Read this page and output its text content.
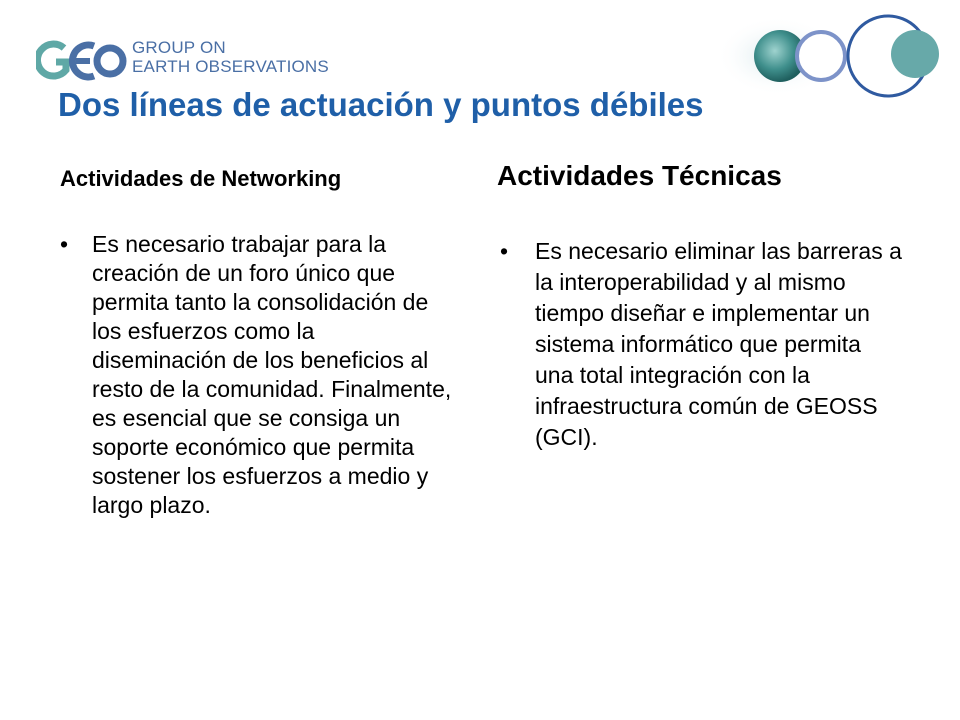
GROUP ON
EARTH OBSERVATIONS
Dos líneas de actuación y puntos débiles
Actividades de Networking	Actividades Técnicas
• Es necesario trabajar para la creación de un foro único que permita tanto la consolidación de los esfuerzos como la diseminación de los beneficios al resto de la comunidad. Finalmente, es esencial que se consiga un soporte económico que permita sostener los esfuerzos a medio y largo plazo.
• Es necesario eliminar las barreras a la interoperabilidad y al mismo tiempo diseñar e implementar un sistema informático que permita una total integración con la infraestructura común de GEOSS (GCI).
